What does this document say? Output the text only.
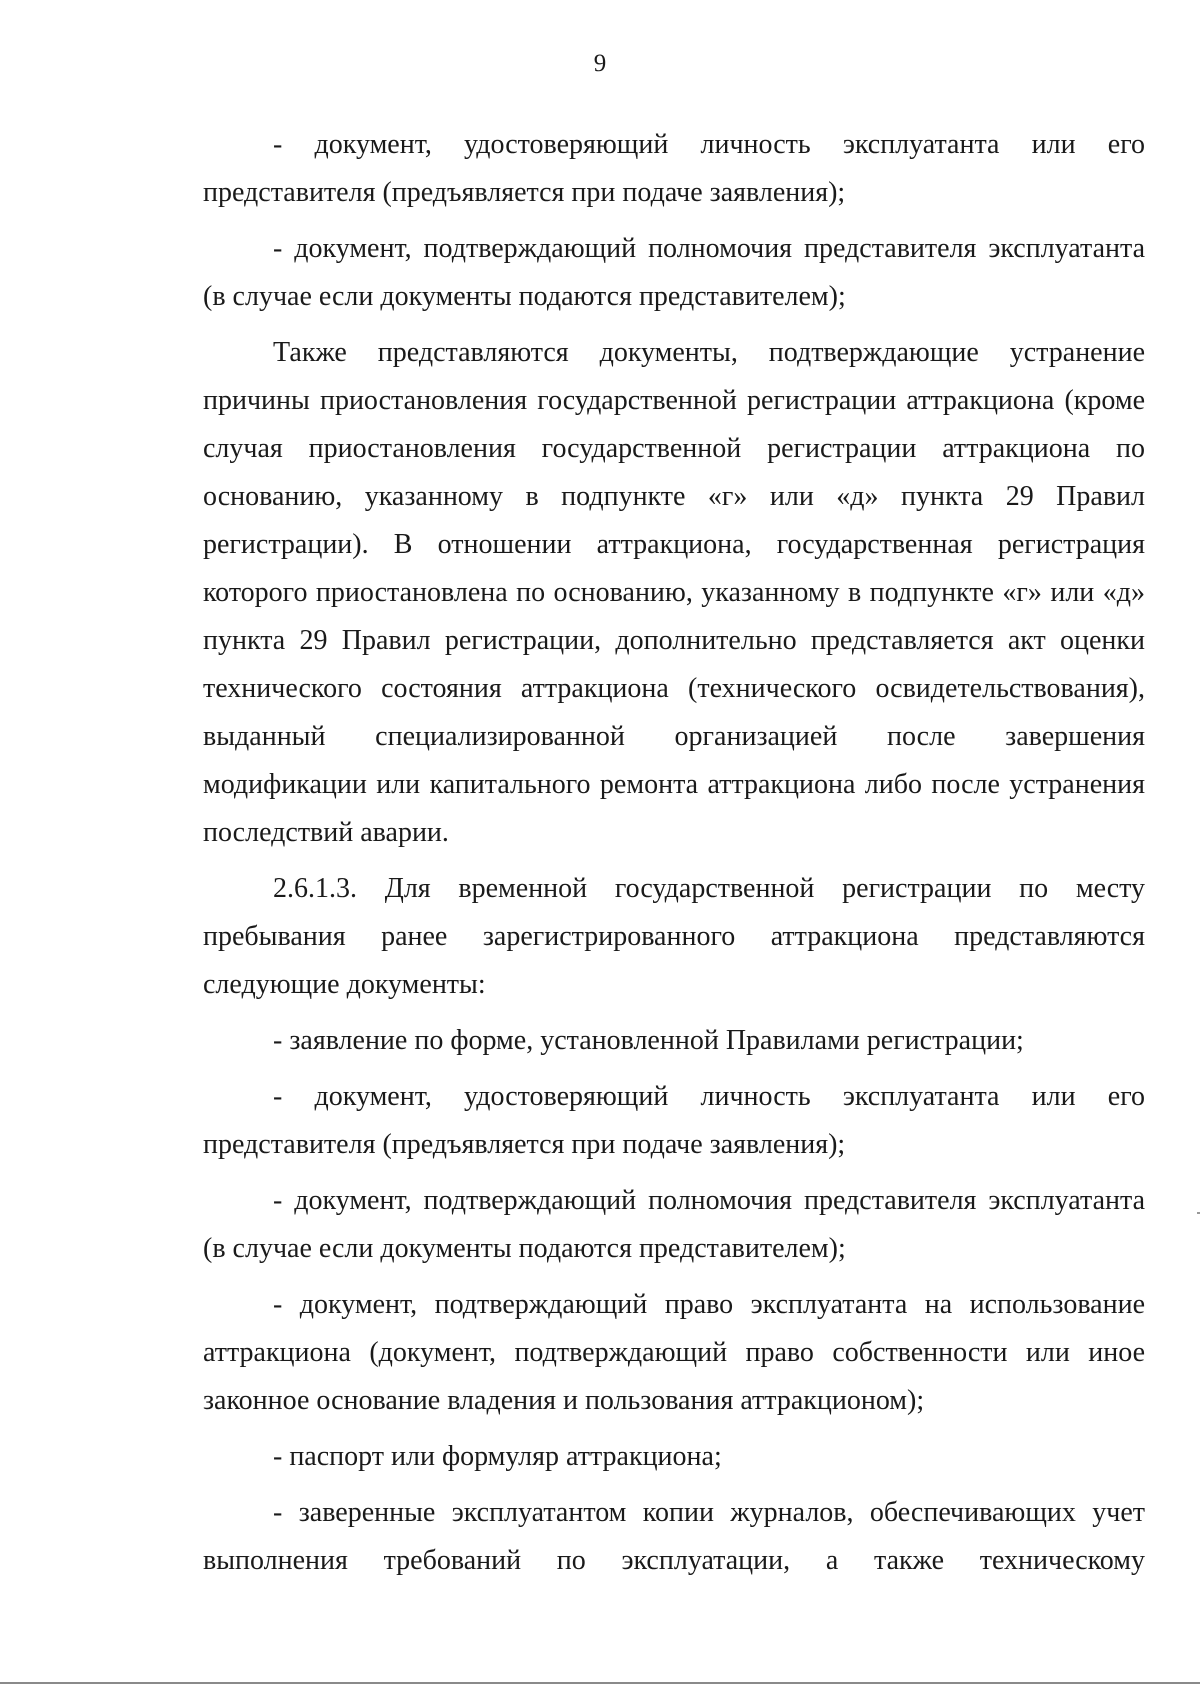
9

- документ, удостоверяющий личность эксплуатанта или его представителя (предъявляется при подаче заявления);

- документ, подтверждающий полномочия представителя эксплуатанта (в случае если документы подаются представителем);

Также представляются документы, подтверждающие устранение причины приостановления государственной регистрации аттракциона (кроме случая приостановления государственной регистрации аттракциона по основанию, указанному в подпункте «г» или «д» пункта 29 Правил регистрации). В отношении аттракциона, государственная регистрация которого приостановлена по основанию, указанному в подпункте «г» или «д» пункта 29 Правил регистрации, дополнительно представляется акт оценки технического состояния аттракциона (технического освидетельствования), выданный специализированной организацией после завершения модификации или капитального ремонта аттракциона либо после устранения последствий аварии.

2.6.1.3. Для временной государственной регистрации по месту пребывания ранее зарегистрированного аттракциона представляются следующие документы:

- заявление по форме, установленной Правилами регистрации;

- документ, удостоверяющий личность эксплуатанта или его представителя (предъявляется при подаче заявления);

- документ, подтверждающий полномочия представителя эксплуатанта (в случае если документы подаются представителем);

- документ, подтверждающий право эксплуатанта на использование аттракциона (документ, подтверждающий право собственности или иное законное основание владения и пользования аттракционом);

- паспорт или формуляр аттракциона;

- заверенные эксплуатантом копии журналов, обеспечивающих учет выполнения требований по эксплуатации, а также техническому
